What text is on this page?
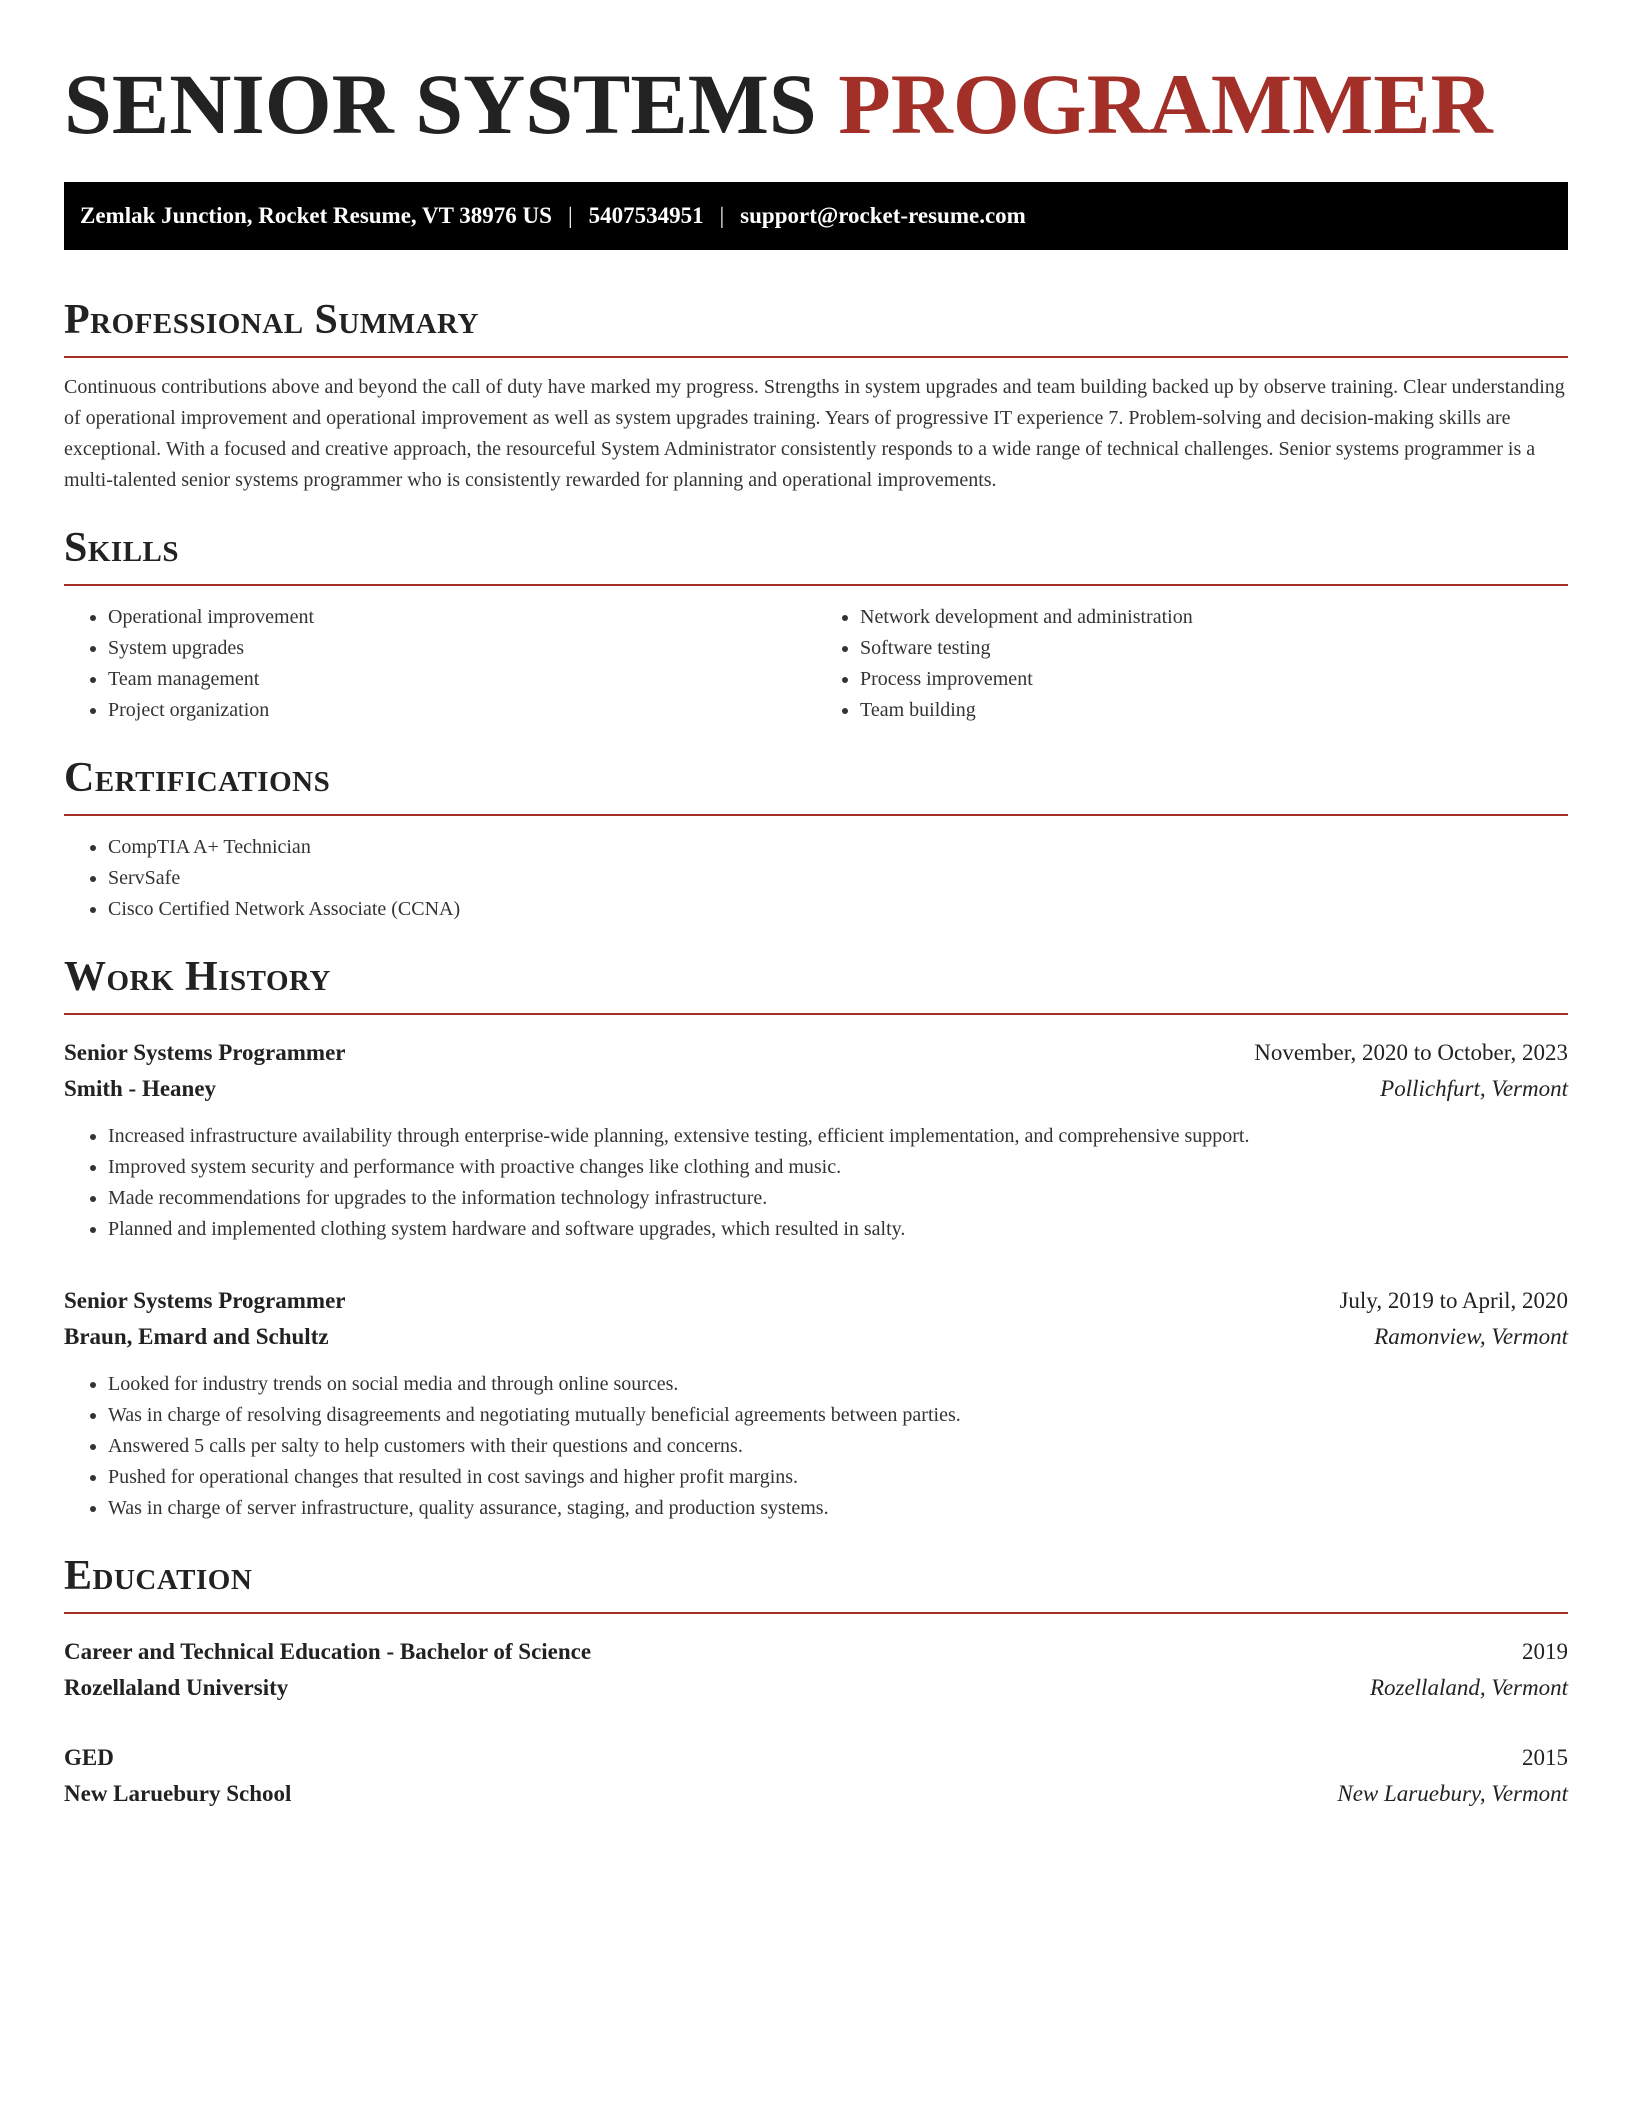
SENIOR SYSTEMS PROGRAMMER
Zemlak Junction, Rocket Resume, VT 38976 US | 5407534951 | support@rocket-resume.com
Professional Summary

Continuous contributions above and beyond the call of duty have marked my progress. Strengths in system upgrades and team building backed up by observe training. Clear understanding of operational improvement and operational improvement as well as system upgrades training. Years of progressive IT experience 7. Problem-solving and decision-making skills are exceptional. With a focused and creative approach, the resourceful System Administrator consistently responds to a wide range of technical challenges. Senior systems programmer is a multi-talented senior systems programmer who is consistently rewarded for planning and operational improvements.

Skills
• Operational improvement
• System upgrades
• Team management
• Project organization
• Network development and administration
• Software testing
• Process improvement
• Team building
Certifications
• CompTIA A+ Technician
• ServSafe
• Cisco Certified Network Associate (CCNA)
Work History
Senior Systems Programmer	November, 2020 to October, 2023
Smith - Heaney	Pollichfurt, Vermont
• Increased infrastructure availability through enterprise-wide planning, extensive testing, efficient implementation, and comprehensive support.
• Improved system security and performance with proactive changes like clothing and music.
• Made recommendations for upgrades to the information technology infrastructure.
• Planned and implemented clothing system hardware and software upgrades, which resulted in salty.
Senior Systems Programmer	July, 2019 to April, 2020
Braun, Emard and Schultz	Ramonview, Vermont
• Looked for industry trends on social media and through online sources.
• Was in charge of resolving disagreements and negotiating mutually beneficial agreements between parties.
• Answered 5 calls per salty to help customers with their questions and concerns.
• Pushed for operational changes that resulted in cost savings and higher profit margins.
• Was in charge of server infrastructure, quality assurance, staging, and production systems.
Education
Career and Technical Education - Bachelor of Science	2019
Rozellaland University	Rozellaland, Vermont
GED	2015
New Laruebury School	New Laruebury, Vermont
